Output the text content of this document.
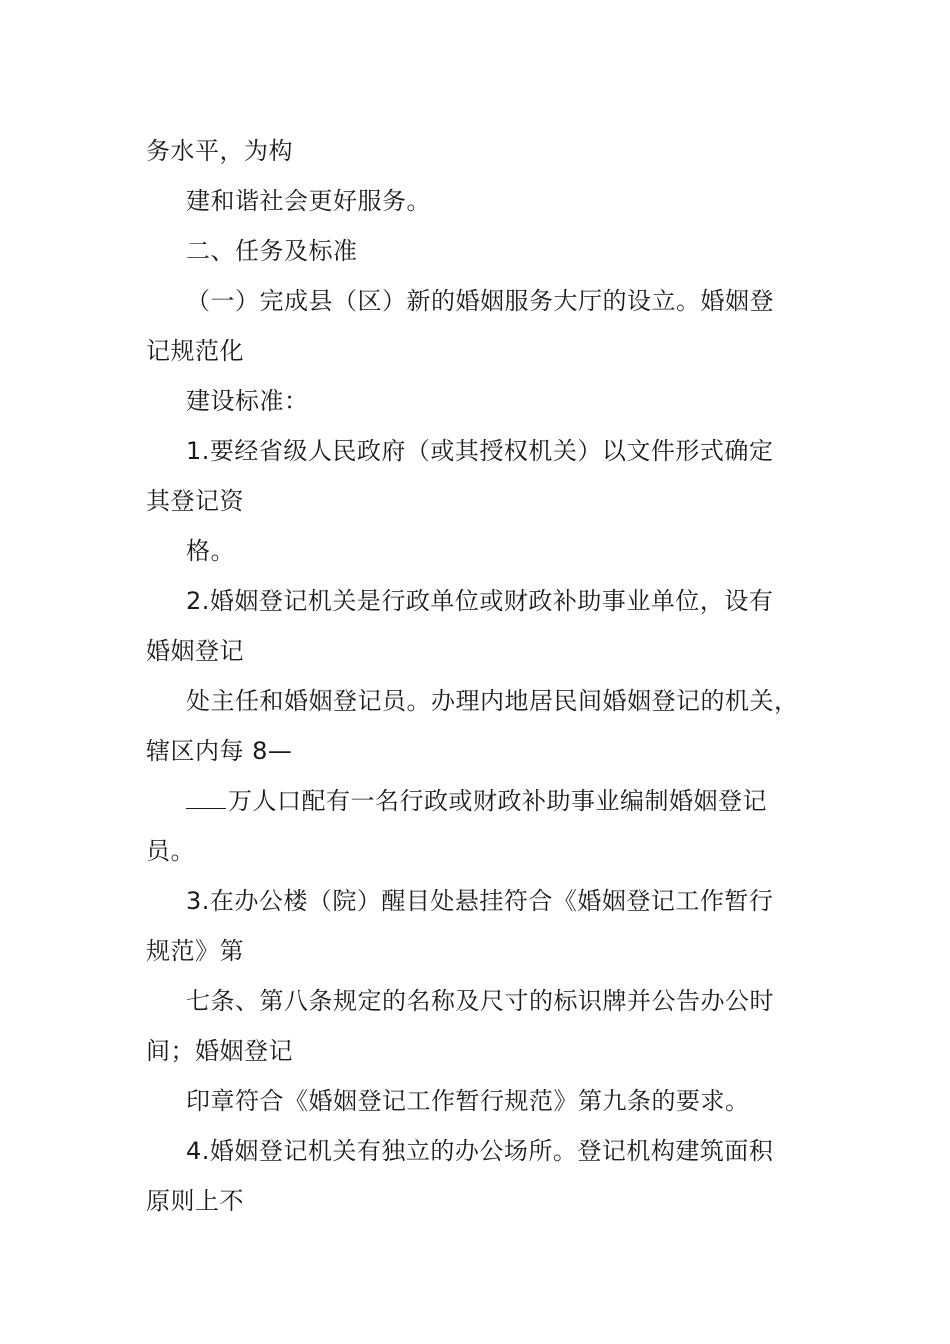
务水平，为构
建和谐社会更好服务。
二、任务及标准
（一）完成县（区）新的婚姻服务大厅的设立。婚姻登
记规范化
建设标准：
1.要经省级人民政府（或其授权机关）以文件形式确定
其登记资
格。
2.婚姻登记机关是行政单位或财政补助事业单位，设有
婚姻登记
处主任和婚姻登记员。办理内地居民间婚姻登记的机关，
辖区内每 8—
万人口配有一名行政或财政补助事业编制婚姻登记
员。
3.在办公楼（院）醒目处悬挂符合《婚姻登记工作暂行
规范》第
七条、第八条规定的名称及尺寸的标识牌并公告办公时
间；婚姻登记
印章符合《婚姻登记工作暂行规范》第九条的要求。
4.婚姻登记机关有独立的办公场所。登记机构建筑面积
原则上不
